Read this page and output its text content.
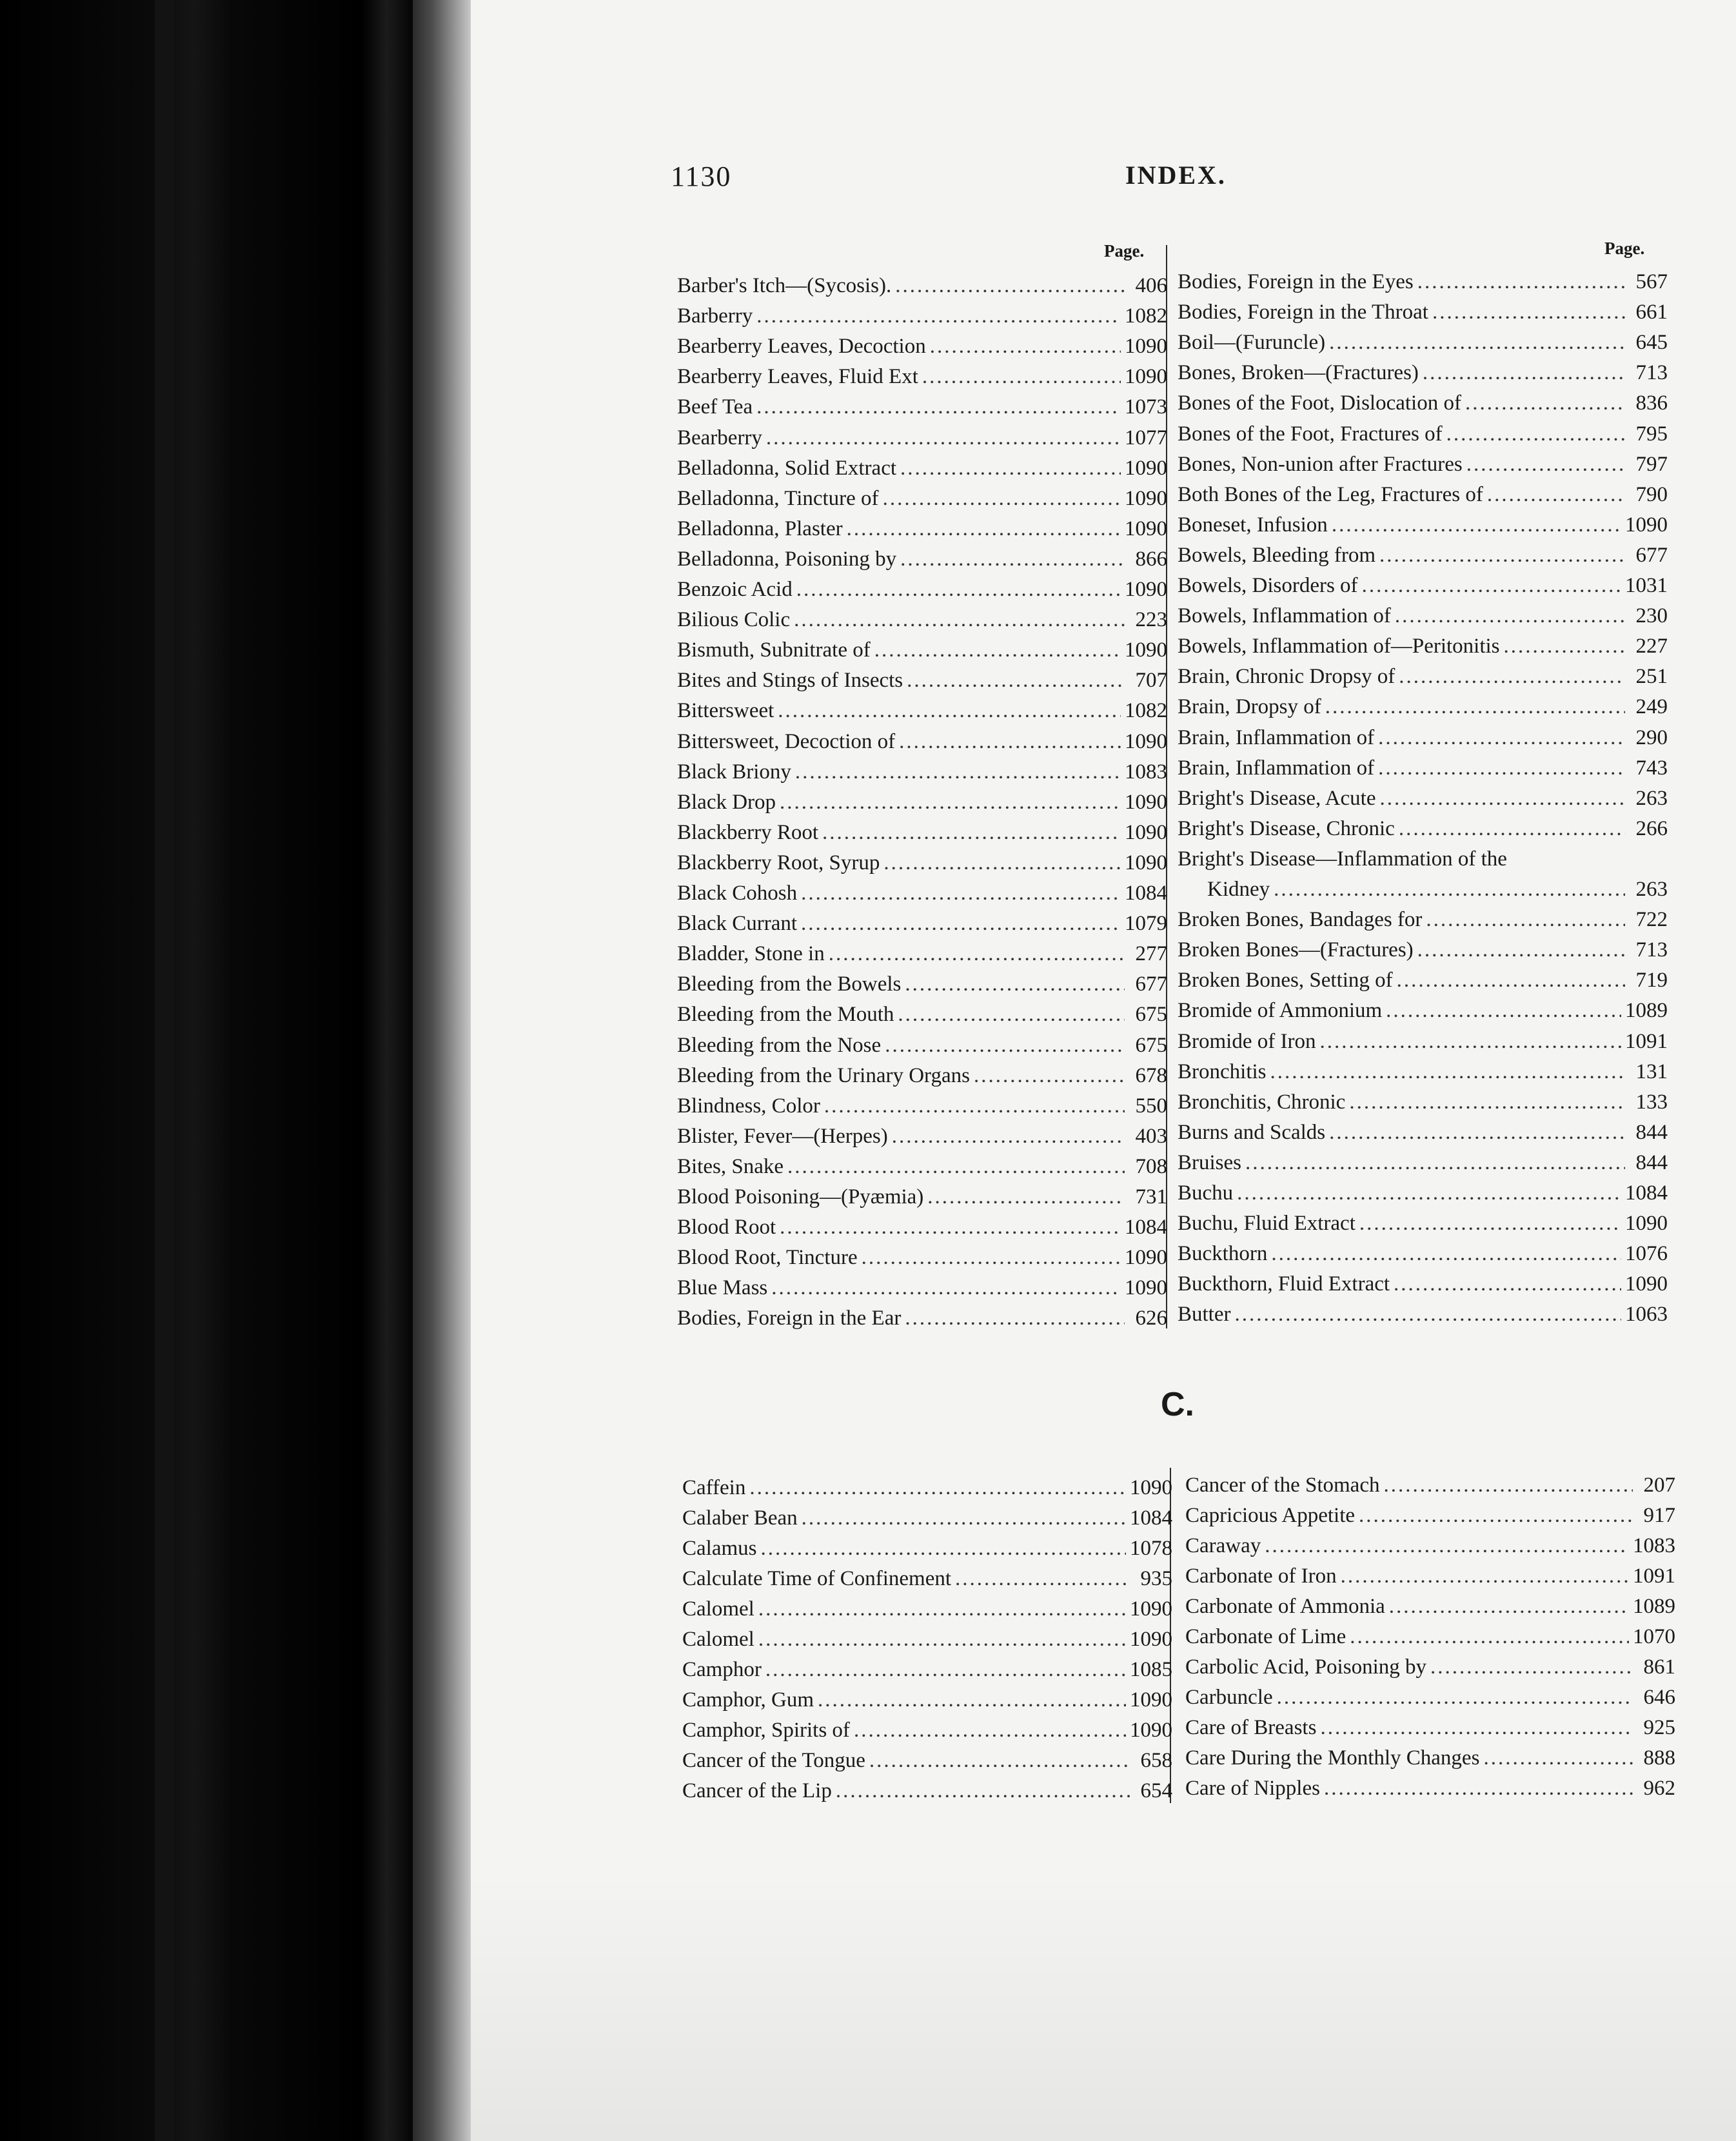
1130	INDEX.
Page.	Page.
Barber's Itch—(Sycosis). .....	406
Barberry .....	1082
Bearberry Leaves, Decoction .....	1090
Bearberry Leaves, Fluid Ext .....	1090
Beef Tea .....	1073
Bearberry .....	1077
Belladonna, Solid Extract .....	1090
Belladonna, Tincture of .....	1090
Belladonna, Plaster .....	1090
Belladonna, Poisoning by .....	866
Benzoic Acid .....	1090
Bilious Colic .....	223
Bismuth, Subnitrate of .....	1090
Bites and Stings of Insects .....	707
Bittersweet .....	1082
Bittersweet, Decoction of .....	1090
Black Briony .....	1083
Black Drop .....	1090
Blackberry Root .....	1090
Blackberry Root, Syrup .....	1090
Black Cohosh .....	1084
Black Currant .....	1079
Bladder, Stone in .....	277
Bleeding from the Bowels .....	677
Bleeding from the Mouth .....	675
Bleeding from the Nose .....	675
Bleeding from the Urinary Organs .....	678
Blindness, Color .....	550
Blister, Fever—(Herpes) .....	403
Bites, Snake .....	708
Blood Poisoning—(Pyæmia) .....	731
Blood Root .....	1084
Blood Root, Tincture .....	1090
Blue Mass .....	1090
Bodies, Foreign in the Ear .....	626
Bodies, Foreign in the Eyes .....	567
Bodies, Foreign in the Throat .....	661
Boil—(Furuncle) .....	645
Bones, Broken—(Fractures) .....	713
Bones of the Foot, Dislocation of .....	836
Bones of the Foot, Fractures of .....	795
Bones, Non-union after Fractures .....	797
Both Bones of the Leg, Fractures of .....	790
Boneset, Infusion .....	1090
Bowels, Bleeding from .....	677
Bowels, Disorders of .....	1031
Bowels, Inflammation of .....	230
Bowels, Inflammation of—Peritonitis .....	227
Brain, Chronic Dropsy of .....	251
Brain, Dropsy of .....	249
Brain, Inflammation of .....	290
Brain, Inflammation of .....	743
Bright's Disease, Acute .....	263
Bright's Disease, Chronic .....	266
Bright's Disease—Inflammation of the
Kidney .....	263
Broken Bones, Bandages for .....	722
Broken Bones—(Fractures) .....	713
Broken Bones, Setting of .....	719
Bromide of Ammonium .....	1089
Bromide of Iron .....	1091
Bronchitis .....	131
Bronchitis, Chronic .....	133
Burns and Scalds .....	844
Bruises .....	844
Buchu .....	1084
Buchu, Fluid Extract .....	1090
Buckthorn .....	1076
Buckthorn, Fluid Extract .....	1090
Butter .....	1063
C.
Caffein .....	1090
Calaber Bean .....	1084
Calamus .....	1078
Calculate Time of Confinement .....	935
Calomel .....	1090
Calomel .....	1090
Camphor .....	1085
Camphor, Gum .....	1090
Camphor, Spirits of .....	1090
Cancer of the Tongue .....	658
Cancer of the Lip .....	654
Cancer of the Stomach .....	207
Capricious Appetite .....	917
Caraway .....	1083
Carbonate of Iron .....	1091
Carbonate of Ammonia .....	1089
Carbonate of Lime .....	1070
Carbolic Acid, Poisoning by .....	861
Carbuncle .....	646
Care of Breasts .....	925
Care During the Monthly Changes .....	888
Care of Nipples .....	962
